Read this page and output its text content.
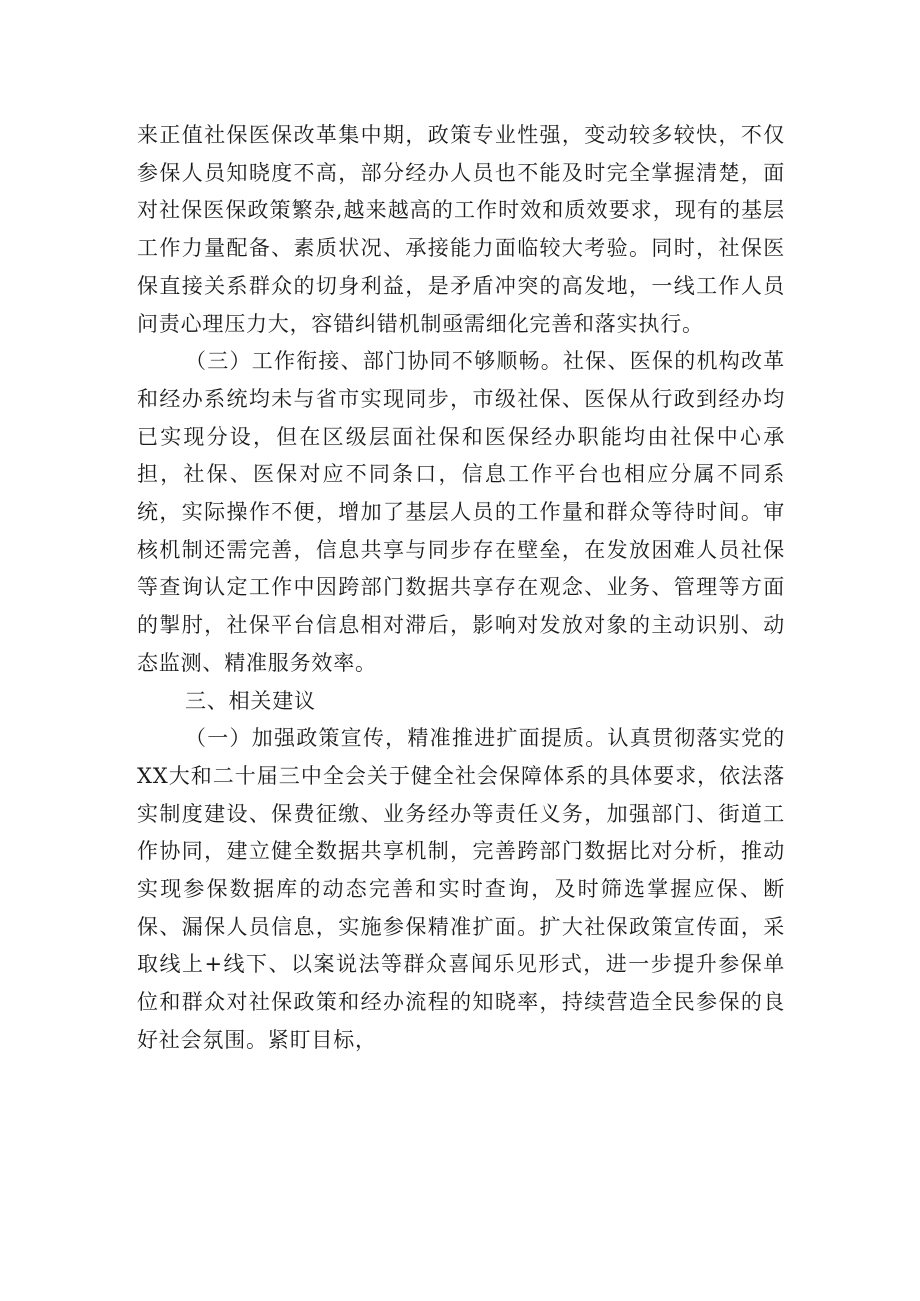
来正值社保医保改革集中期，政策专业性强，变动较多较快，不仅参保人员知晓度不高，部分经办人员也不能及时完全掌握清楚，面对社保医保政策繁杂,越来越高的工作时效和质效要求，现有的基层工作力量配备、素质状况、承接能力面临较大考验。同时，社保医保直接关系群众的切身利益，是矛盾冲突的高发地，一线工作人员问责心理压力大，容错纠错机制亟需细化完善和落实执行。

（三）工作衔接、部门协同不够顺畅。社保、医保的机构改革和经办系统均未与省市实现同步，市级社保、医保从行政到经办均已实现分设，但在区级层面社保和医保经办职能均由社保中心承担，社保、医保对应不同条口，信息工作平台也相应分属不同系统，实际操作不便，增加了基层人员的工作量和群众等待时间。审核机制还需完善，信息共享与同步存在壁垒，在发放困难人员社保等查询认定工作中因跨部门数据共享存在观念、业务、管理等方面的掣肘，社保平台信息相对滞后，影响对发放对象的主动识别、动态监测、精准服务效率。

三、相关建议

（一）加强政策宣传，精准推进扩面提质。认真贯彻落实党的XX大和二十届三中全会关于健全社会保障体系的具体要求，依法落实制度建设、保费征缴、业务经办等责任义务，加强部门、街道工作协同，建立健全数据共享机制，完善跨部门数据比对分析，推动实现参保数据库的动态完善和实时查询，及时筛选掌握应保、断保、漏保人员信息，实施参保精准扩面。扩大社保政策宣传面，采取线上+线下、以案说法等群众喜闻乐见形式，进一步提升参保单位和群众对社保政策和经办流程的知晓率，持续营造全民参保的良好社会氛围。紧盯目标，
